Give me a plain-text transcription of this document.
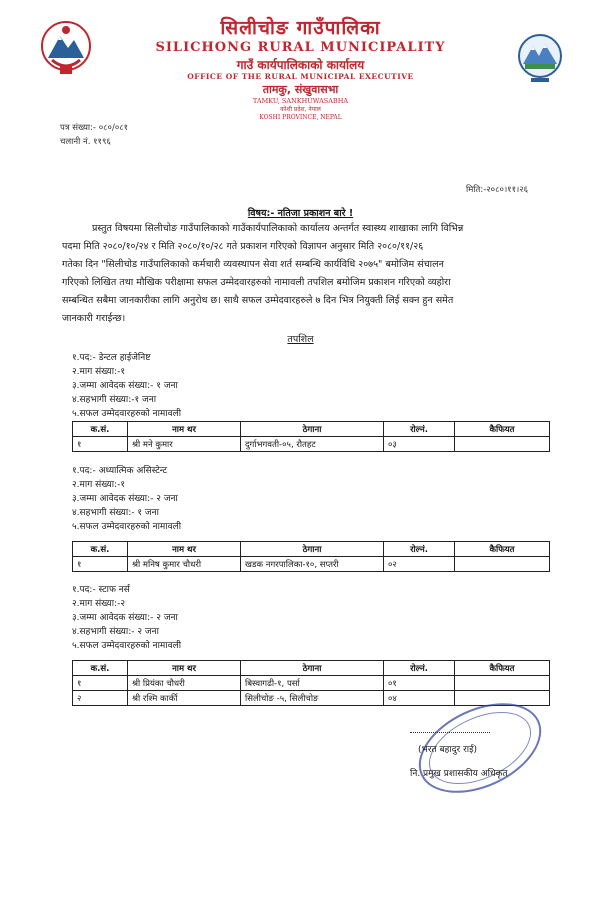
सिलीचोङ गाउँपालिका
SILICHONG RURAL MUNICIPALITY
गाउँ कार्यपालिकाको कार्यालय
OFFICE OF THE RURAL MUNICIPAL EXECUTIVE
तामकु, संखुवासभा
TAMKU, SANKHUWASABHA
कोशी प्रदेश, नेपाल
KOSHI PROVINCE, NEPAL
पत्र संख्या:- ०८०/०८१
चलानी नं. ११९६
मिति:-२०८०।११।२६
विषय:- नतिजा प्रकाशन बारे !
प्रस्तुत विषयमा सिलीचोङ गाउँपालिकाको गाउँकार्यपालिकाको कार्यालय अन्तर्गत स्वास्थ्य शाखाका लागि विभिन्न
पदमा मिति २०८०/१०/२४ र मिति २०८०/१०/२८ गते प्रकाशन गरिएको विज्ञापन अनुसार मिति २०८०/११/२६
गतेका दिन "सिलीचोड गाउँपालिकाको कर्मचारी व्यवस्थापन सेवा शर्त सम्बन्धि कार्यविधि २०७५" बमोजिम संचालन
गरिएको लिखित तथा मौखिक परीक्षामा सफल उम्मेदवारहरुको नामावली तपशिल बमोजिम प्रकाशन गरिएको व्यहोरा
सम्बन्धित सबैमा जानकारीका लागि अनुरोध छ। साथै सफल उम्मेदवारहरुले ७ दिन भित्र नियुक्ती लिई सक्न हुन समेत
जानकारी गराईन्छ।
तपशिल
१.पद:- डेन्टल हाईजेनिष्ट
२.माग संख्या:-१
३.जम्मा आवेदक संख्या:- १ जना
४.सहभागी संख्या:-१ जना
५.सफल उम्मेदवारहरुको नामावली
क.सं.	नाम थर	ठेगाना	रोल्नं.	कैफियत
१	श्री मने कुमार	दुर्गाभगवती-०५, रौतहट	०३	
१.पद:- अध्यात्मिक असिस्टेन्ट
२.माग संख्या:-१
३.जम्मा आवेदक संख्या:- २ जना
४.सहभागी संख्या:- १ जना
५.सफल उम्मेदवारहरुको नामावली
क.सं.	नाम थर	ठेगाना	रोल्नं.	कैफियत
१	श्री मनिष कुमार चौधरी	खडक नगरपालिका-१०, सप्तरी	०२	
१.पद:- स्टाफ नर्स
२.माग संख्या:-२
३.जम्मा आवेदक संख्या:- २ जना
४.सहभागी संख्या:- २ जना
५.सफल उम्मेदवारहरुको नामावली
क.सं.	नाम थर	ठेगाना	रोल्नं.	कैफियत
१	श्री प्रियंका चौधरी	बिस्वागढी-१, पर्सा	०१	
२	श्री रश्मि कार्की	सिलीचोङ -५, सिलीचोङ	०४	
(भरत बहादुर राई)
नि. प्रमुख प्रशासकीय अधिकृत
